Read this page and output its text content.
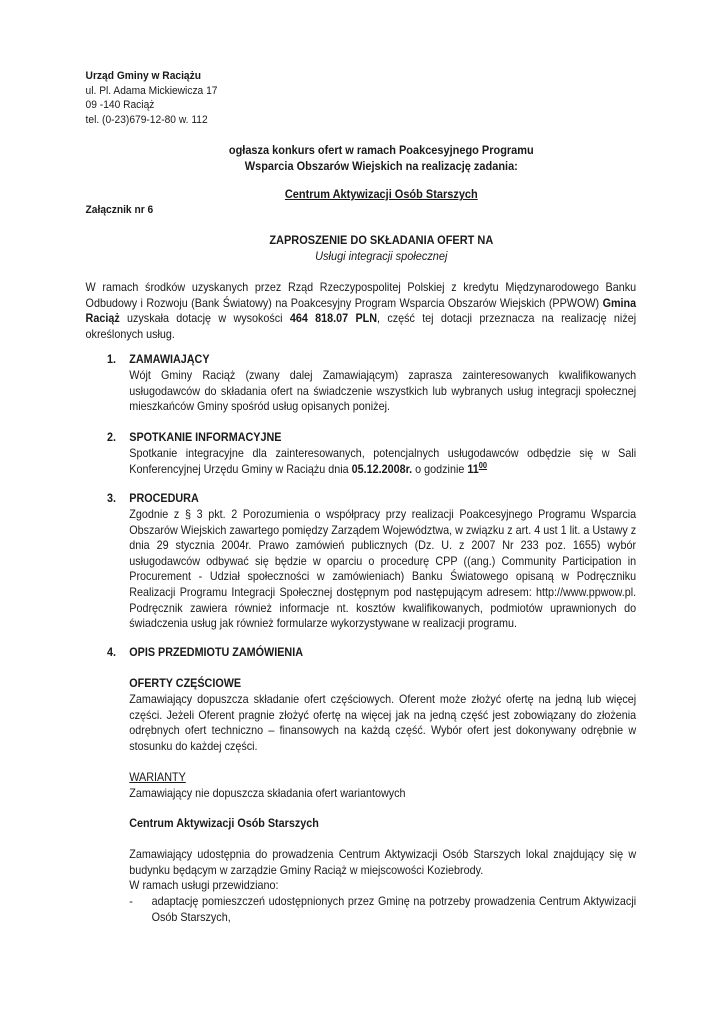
Urząd Gminy w Raciążu
ul. Pl. Adama Mickiewicza 17
09 -140 Raciąż
tel. (0-23)679-12-80 w. 112
ogłasza konkurs ofert w ramach Poakcesyjnego Programu
Wsparcia Obszarów Wiejskich na realizację zadania:
Centrum Aktywizacji Osób Starszych
Załącznik nr 6
ZAPROSZENIE DO SKŁADANIA OFERT NA
Usługi integracji społecznej
W ramach środków uzyskanych przez Rząd Rzeczypospolitej Polskiej z kredytu Międzynarodowego Banku Odbudowy i Rozwoju (Bank Światowy) na Poakcesyjny Program Wsparcia Obszarów Wiejskich (PPWOW) Gmina Raciąż uzyskała dotację w wysokości 464 818.07 PLN, część tej dotacji przeznacza na realizację niżej określonych usług.
1. ZAMAWIAJĄCY
Wójt Gminy Raciąż (zwany dalej Zamawiającym) zaprasza zainteresowanych kwalifikowanych usługodawców do składania ofert na świadczenie wszystkich lub wybranych usług integracji społecznej mieszkańców Gminy spośród usług opisanych poniżej.
2. SPOTKANIE INFORMACYJNE
Spotkanie integracyjne dla zainteresowanych, potencjalnych usługodawców odbędzie się w Sali Konferencyjnej Urzędu Gminy w Raciążu dnia 05.12.2008r. o godzinie $11^{00}$
3. PROCEDURA
Zgodnie z § 3 pkt. 2 Porozumienia o współpracy przy realizacji Poakcesyjnego Programu Wsparcia Obszarów Wiejskich zawartego pomiędzy Zarządem Województwa, w związku z art. 4 ust 1 lit. a Ustawy z dnia 29 stycznia 2004r. Prawo zamówień publicznych (Dz. U. z 2007 Nr 233 poz. 1655) wybór usługodawców odbywać się będzie w oparciu o procedurę CPP ((ang.) Community Participation in Procurement - Udział społeczności w zamówieniach) Banku Światowego opisaną w Podręczniku Realizacji Programu Integracji Społecznej dostępnym pod następującym adresem: http://www.ppwow.pl. Podręcznik zawiera również informacje nt. kosztów kwalifikowanych, podmiotów uprawnionych do świadczenia usług jak również formularze wykorzystywane w realizacji programu.
4. OPIS PRZEDMIOTU ZAMÓWIENIA
OFERTY CZĘŚCIOWE
Zamawiający dopuszcza składanie ofert częściowych. Oferent może złożyć ofertę na jedną lub więcej części. Jeżeli Oferent pragnie złożyć ofertę na więcej jak na jedną część jest zobowiązany do złożenia odrębnych ofert techniczno – finansowych na każdą część. Wybór ofert jest dokonywany odrębnie w stosunku do każdej części.
WARIANTY
Zamawiający nie dopuszcza składania ofert wariantowych
Centrum Aktywizacji Osób Starszych
Zamawiający udostępnia do prowadzenia Centrum Aktywizacji Osób Starszych lokal znajdujący się w budynku będącym w zarządzie Gminy Raciąż w miejscowości Koziebrody.
W ramach usługi przewidziano:
- adaptację pomieszczeń udostępnionych przez Gminę na potrzeby prowadzenia Centrum Aktywizacji Osób Starszych,
